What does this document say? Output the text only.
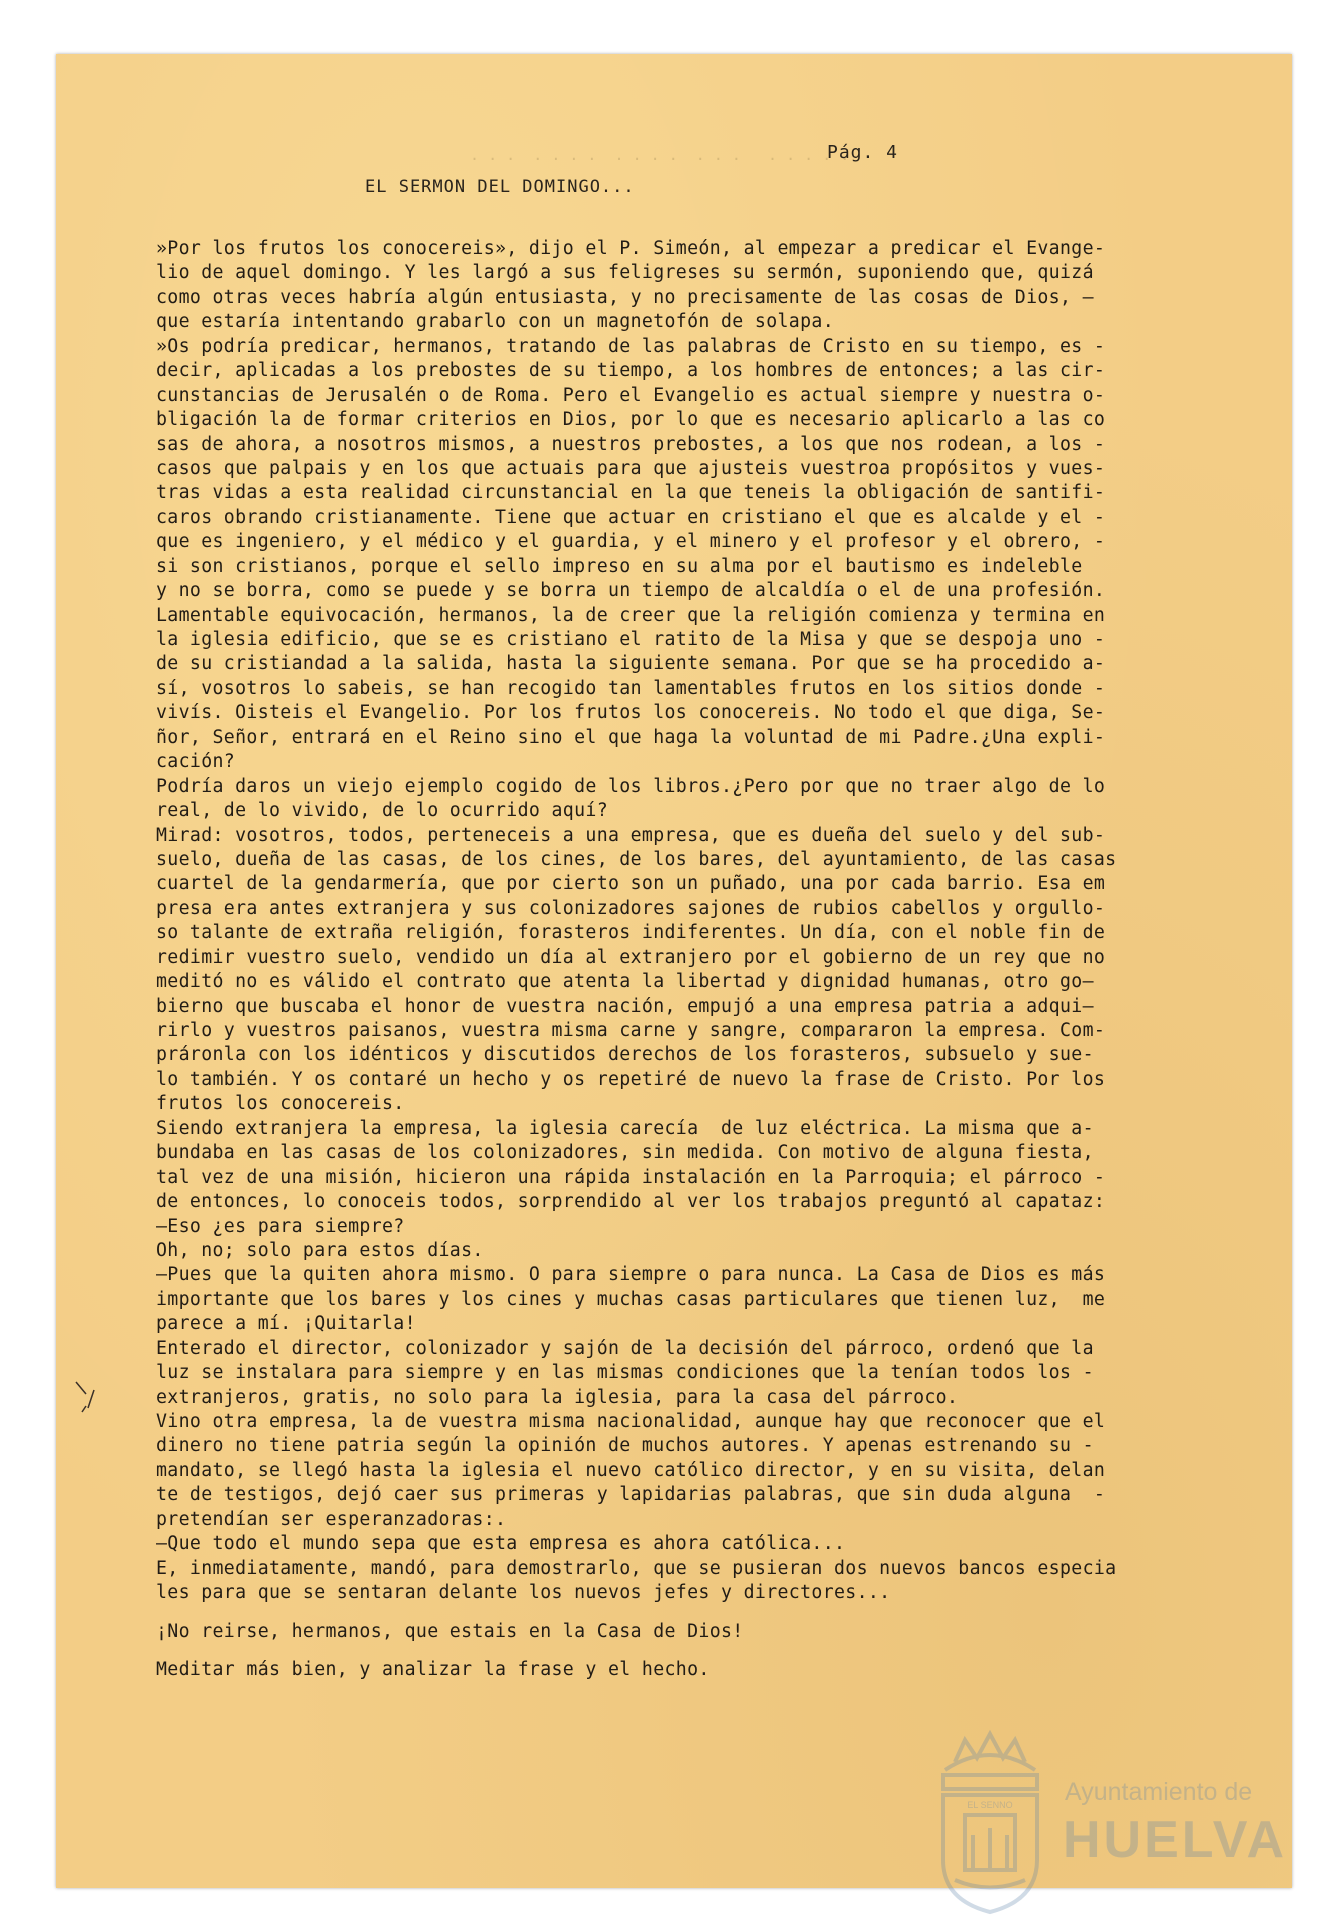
· · · · ·   · · ·  · · · ·  · · · ·  · · ·
Pág. 4
EL SERMON DEL DOMINGO...
»Por los frutos los conocereis», dijo el P. Simeón, al empezar a predicar el Evange-
lio de aquel domingo. Y les largó a sus feligreses su sermón, suponiendo que, quizá
como otras veces habría algún entusiasta, y no precisamente de las cosas de Dios, —
que estaría intentando grabarlo con un magnetofón de solapa.
»Os podría predicar, hermanos, tratando de las palabras de Cristo en su tiempo, es -
decir, aplicadas a los prebostes de su tiempo, a los hombres de entonces; a las cir-
cunstancias de Jerusalén o de Roma. Pero el Evangelio es actual siempre y nuestra o-
bligación la de formar criterios en Dios, por lo que es necesario aplicarlo a las co
sas de ahora, a nosotros mismos, a nuestros prebostes, a los que nos rodean, a los -
casos que palpais y en los que actuais para que ajusteis vuestroa propósitos y vues-
tras vidas a esta realidad circunstancial en la que teneis la obligación de santifi-
caros obrando cristianamente. Tiene que actuar en cristiano el que es alcalde y el -
que es ingeniero, y el médico y el guardia, y el minero y el profesor y el obrero, -
si son cristianos, porque el sello impreso en su alma por el bautismo es indeleble
y no se borra, como se puede y se borra un tiempo de alcaldía o el de una profesión.
Lamentable equivocación, hermanos, la de creer que la religión comienza y termina en
la iglesia edificio, que se es cristiano el ratito de la Misa y que se despoja uno -
de su cristiandad a la salida, hasta la siguiente semana. Por que se ha procedido a-
sí, vosotros lo sabeis, se han recogido tan lamentables frutos en los sitios donde -
vivís. Oisteis el Evangelio. Por los frutos los conocereis. No todo el que diga, Se-
ñor, Señor, entrará en el Reino sino el que haga la voluntad de mi Padre.¿Una expli-
cación?
Podría daros un viejo ejemplo cogido de los libros.¿Pero por que no traer algo de lo
real, de lo vivido, de lo ocurrido aquí?
Mirad: vosotros, todos, perteneceis a una empresa, que es dueña del suelo y del sub-
suelo, dueña de las casas, de los cines, de los bares, del ayuntamiento, de las casas
cuartel de la gendarmería, que por cierto son un puñado, una por cada barrio. Esa em
presa era antes extranjera y sus colonizadores sajones de rubios cabellos y orgullo-
so talante de extraña religión, forasteros indiferentes. Un día, con el noble fin de
redimir vuestro suelo, vendido un día al extranjero por el gobierno de un rey que no
meditó no es válido el contrato que atenta la libertad y dignidad humanas, otro go—
bierno que buscaba el honor de vuestra nación, empujó a una empresa patria a adqui—
rirlo y vuestros paisanos, vuestra misma carne y sangre, compararon la empresa. Com-
práronla con los idénticos y discutidos derechos de los forasteros, subsuelo y sue-
lo también. Y os contaré un hecho y os repetiré de nuevo la frase de Cristo. Por los
frutos los conocereis.
Siendo extranjera la empresa, la iglesia carecía  de luz eléctrica. La misma que a-
bundaba en las casas de los colonizadores, sin medida. Con motivo de alguna fiesta,
tal vez de una misión, hicieron una rápida instalación en la Parroquia; el párroco -
de entonces, lo conoceis todos, sorprendido al ver los trabajos preguntó al capataz:
—Eso ¿es para siempre?
Oh, no; solo para estos días.
—Pues que la quiten ahora mismo. O para siempre o para nunca. La Casa de Dios es más
importante que los bares y los cines y muchas casas particulares que tienen luz,  me
parece a mí. ¡Quitarla!
Enterado el director, colonizador y sajón de la decisión del párroco, ordenó que la
luz se instalara para siempre y en las mismas condiciones que la tenían todos los -
extranjeros, gratis, no solo para la iglesia, para la casa del párroco.
Vino otra empresa, la de vuestra misma nacionalidad, aunque hay que reconocer que el
dinero no tiene patria según la opinión de muchos autores. Y apenas estrenando su -
mandato, se llegó hasta la iglesia el nuevo católico director, y en su visita, delan
te de testigos, dejó caer sus primeras y lapidarias palabras, que sin duda alguna  -
pretendían ser esperanzadoras:.
—Que todo el mundo sepa que esta empresa es ahora católica...
E, inmediatamente, mandó, para demostrarlo, que se pusieran dos nuevos bancos especia
les para que se sentaran delante los nuevos jefes y directores...
¡No reirse, hermanos, que estais en la Casa de Dios!
Meditar más bien, y analizar la frase y el hecho.
EL SENNO Ayuntamiento de
HUELVA
